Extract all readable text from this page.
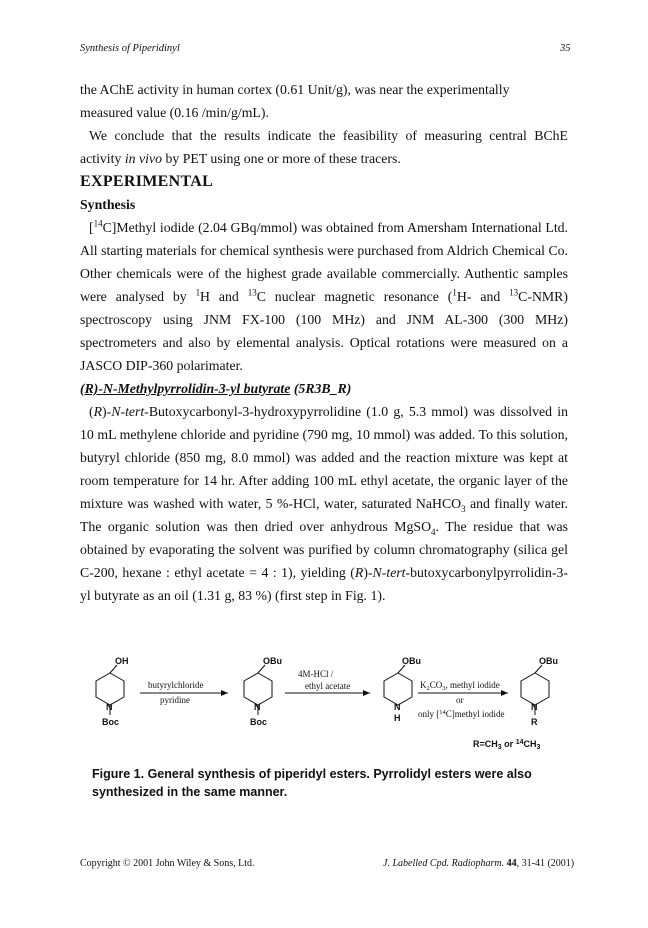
Synthesis of Piperidinyl	35

the AChE activity in human cortex (0.61 Unit/g), was near the experimentally
measured value (0.16 /min/g/mL).

We conclude that the results indicate the feasibility of measuring central BChE activity in vivo by PET using one or more of these tracers.

EXPERIMENTAL

Synthesis

[$^{14}$C]Methyl iodide (2.04 GBq/mmol) was obtained from Amersham International Ltd. All starting materials for chemical synthesis were purchased from Aldrich Chemical Co. Other chemicals were of the highest grade available commercially. Authentic samples were analysed by $^1$H and $^{13}$C nuclear magnetic resonance ($^1$H- and $^{13}$C-NMR) spectroscopy using JNM FX-100 (100 MHz) and JNM AL-300 (300 MHz) spectrometers and also by elemental analysis. Optical rotations were measured on a JASCO DIP-360 polarimater.

(R)-N-Methylpyrrolidin-3-yl butyrate (5R3B_R)

(R)-N-tert-Butoxycarbonyl-3-hydroxypyrrolidine (1.0 g, 5.3 mmol) was dissolved in 10 mL methylene chloride and pyridine (790 mg, 10 mmol) was added. To this solution, butyryl chloride (850 mg, 8.0 mmol) was added and the reaction mixture was kept at room temperature for 14 hr. After adding 100 mL ethyl acetate, the organic layer of the mixture was washed with water, 5 %-HCl, water, saturated NaHCO$_3$ and finally water. The organic solution was then dried over anhydrous MgSO$_4$. The residue that was obtained by evaporating the solvent was purified by column chromatography (silica gel C-200, hexane : ethyl acetate = 4 : 1), yielding (R)-N-tert-butoxycarbonylpyrrolidin-3-yl butyrate as an oil (1.31 g, 83 %) (first step in Fig. 1).

OH	OBu	OBu	OBu
N	N	N	N
Boc	Boc	H	R
$R=CH_3$ or $^{14}CH_3$
butyrylchloride
pyridine
4M-HCl /
ethyl acetate	$K_2CO_3$, methyl iodide
or
only [$^{14}$C]methyl iodide
Figure 1. General synthesis of piperidyl esters. Pyrrolidyl esters were also
synthesized in the same manner.
Copyright © 2001 John Wiley & Sons, Ltd.	J. Labelled Cpd. Radiopharm. 44, 31-41 (2001)
